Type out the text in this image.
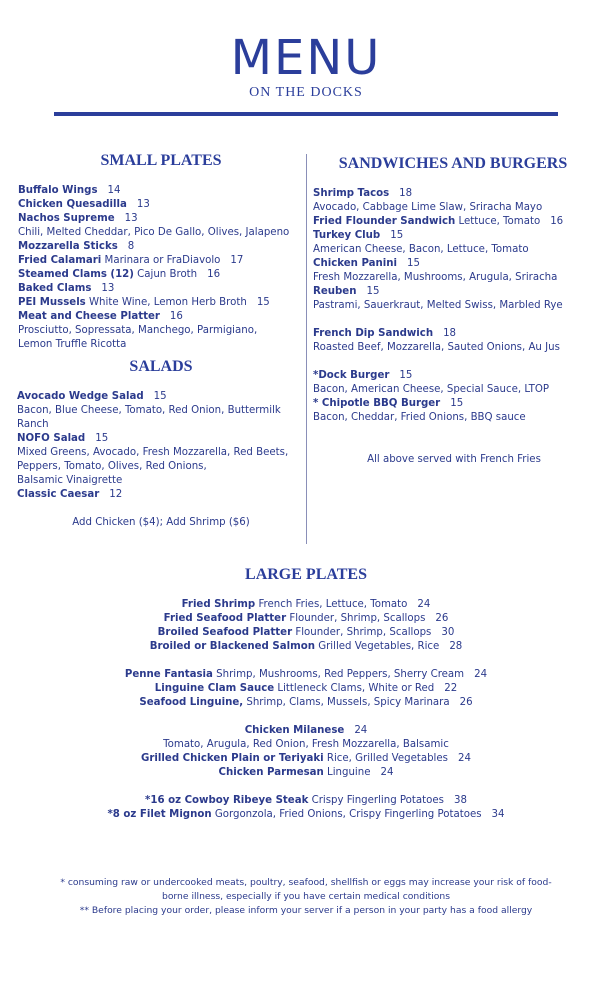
MENU
ON THE DOCKS
SMALL PLATES
SALADS
SANDWICHES AND BURGERS
LARGE PLATES
Buffalo Wings 14
Chicken Quesadilla 13
Nachos Supreme 13
Chili, Melted Cheddar, Pico De Gallo, Olives, Jalapeno
Mozzarella Sticks 8
Fried Calamari Marinara or FraDiavolo 17
Steamed Clams (12) Cajun Broth 16
Baked Clams 13
PEI Mussels White Wine, Lemon Herb Broth 15
Meat and Cheese Platter 16
Prosciutto, Sopressata, Manchego, Parmigiano,
Lemon Truffle Ricotta
Avocado Wedge Salad 15
Bacon, Blue Cheese, Tomato, Red Onion, Buttermilk
Ranch
NOFO Salad 15
Mixed Greens, Avocado, Fresh Mozzarella, Red Beets,
Peppers, Tomato, Olives, Red Onions,
Balsamic Vinaigrette
Classic Caesar 12
Add Chicken ($4); Add Shrimp ($6)
Shrimp Tacos 18
Avocado, Cabbage Lime Slaw, Sriracha Mayo
Fried Flounder Sandwich Lettuce, Tomato 16
Turkey Club 15
American Cheese, Bacon, Lettuce, Tomato
Chicken Panini 15
Fresh Mozzarella, Mushrooms, Arugula, Sriracha
Reuben 15
Pastrami, Sauerkraut, Melted Swiss, Marbled Rye
French Dip Sandwich 18
Roasted Beef, Mozzarella, Sauted Onions, Au Jus
*Dock Burger 15
Bacon, American Cheese, Special Sauce, LTOP
* Chipotle BBQ Burger 15
Bacon, Cheddar, Fried Onions, BBQ sauce
All above served with French Fries
Fried Shrimp French Fries, Lettuce, Tomato 24
Fried Seafood Platter Flounder, Shrimp, Scallops 26
Broiled Seafood Platter Flounder, Shrimp, Scallops 30
Broiled or Blackened Salmon Grilled Vegetables, Rice 28
Penne Fantasia Shrimp, Mushrooms, Red Peppers, Sherry Cream 24
Linguine Clam Sauce Littleneck Clams, White or Red 22
Seafood Linguine, Shrimp, Clams, Mussels, Spicy Marinara 26
Chicken Milanese 24
Tomato, Arugula, Red Onion, Fresh Mozzarella, Balsamic
Grilled Chicken Plain or Teriyaki Rice, Grilled Vegetables 24
Chicken Parmesan Linguine 24
*16 oz Cowboy Ribeye Steak Crispy Fingerling Potatoes 38
*8 oz Filet Mignon Gorgonzola, Fried Onions, Crispy Fingerling Potatoes 34
* consuming raw or undercooked meats, poultry, seafood, shellfish or eggs may increase your risk of food-
borne illness, especially if you have certain medical conditions
** Before placing your order, please inform your server if a person in your party has a food allergy
